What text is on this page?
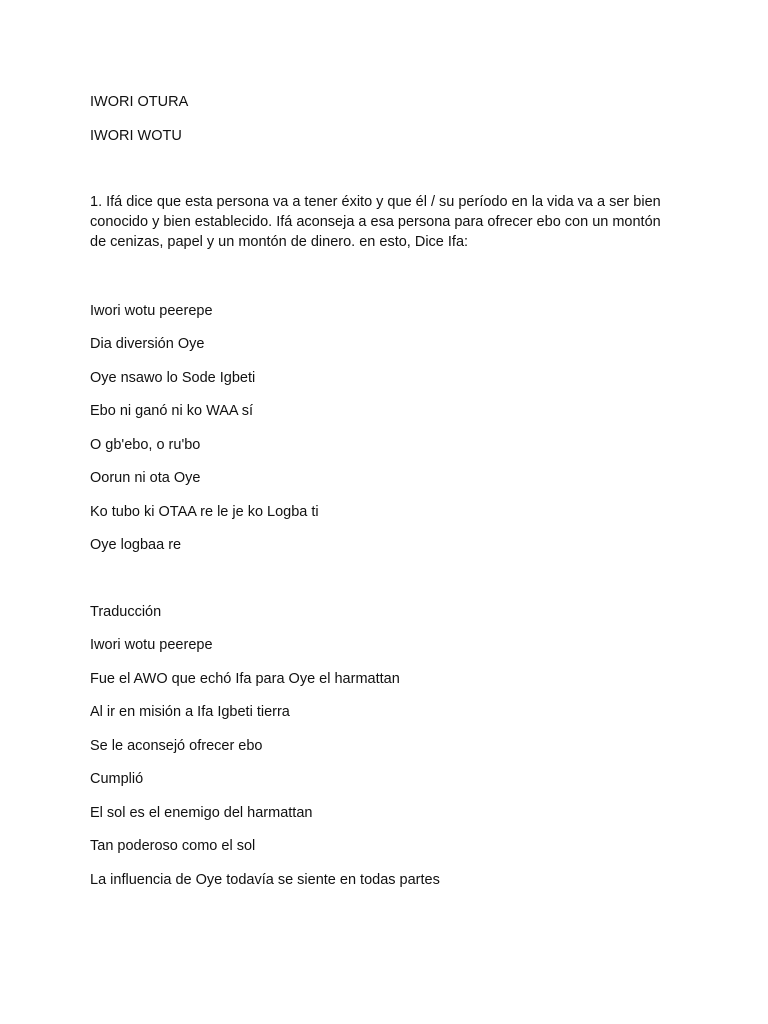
IWORI OTURA
IWORI WOTU
1. Ifá dice que esta persona va a tener éxito y que él / su período en la vida va a ser bien conocido y bien establecido. Ifá aconseja a esa persona para ofrecer ebo con un montón de cenizas, papel y un montón de dinero. en esto, Dice Ifa:
Iwori wotu peerepe
Dia diversión Oye
Oye nsawo lo Sode Igbeti
Ebo ni ganó ni ko WAA sí
O gb'ebo, o ru'bo
Oorun ni ota Oye
Ko tubo ki OTAA re le je ko Logba ti
Oye logbaa re
Traducción
Iwori wotu peerepe
Fue el AWO que echó Ifa para Oye el harmattan
Al ir en misión a Ifa Igbeti tierra
Se le aconsejó ofrecer ebo
Cumplió
El sol es el enemigo del harmattan
Tan poderoso como el sol
La influencia de Oye todavía se siente en todas partes
